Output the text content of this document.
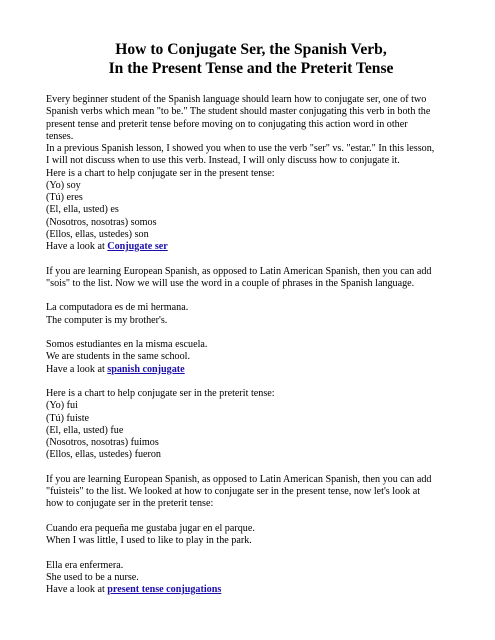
How to Conjugate Ser, the Spanish Verb,
In the Present Tense and the Preterit Tense
Every beginner student of the Spanish language should learn how to conjugate ser, one of two
Spanish verbs which mean "to be." The student should master conjugating this verb in both the
present tense and preterit tense before moving on to conjugating this action word in other
tenses.
In a previous Spanish lesson, I showed you when to use the verb "ser" vs. "estar." In this lesson,
I will not discuss when to use this verb. Instead, I will only discuss how to conjugate it.
Here is a chart to help conjugate ser in the present tense:
(Yo) soy
(Tú) eres
(El, ella, usted) es
(Nosotros, nosotras) somos
(Ellos, ellas, ustedes) son
Have a look at Conjugate ser
If you are learning European Spanish, as opposed to Latin American Spanish, then you can add
"sois" to the list. Now we will use the word in a couple of phrases in the Spanish language.
La computadora es de mi hermana.
The computer is my brother's.
Somos estudiantes en la misma escuela.
We are students in the same school.
Have a look at spanish conjugate
Here is a chart to help conjugate ser in the preterit tense:
(Yo) fui
(Tú) fuiste
(El, ella, usted) fue
(Nosotros, nosotras) fuimos
(Ellos, ellas, ustedes) fueron
If you are learning European Spanish, as opposed to Latin American Spanish, then you can add
"fuisteis" to the list. We looked at how to conjugate ser in the present tense, now let's look at
how to conjugate ser in the preterit tense:
Cuando era pequeña me gustaba jugar en el parque.
When I was little, I used to like to play in the park.
Ella era enfermera.
She used to be a nurse.
Have a look at present tense conjugations
